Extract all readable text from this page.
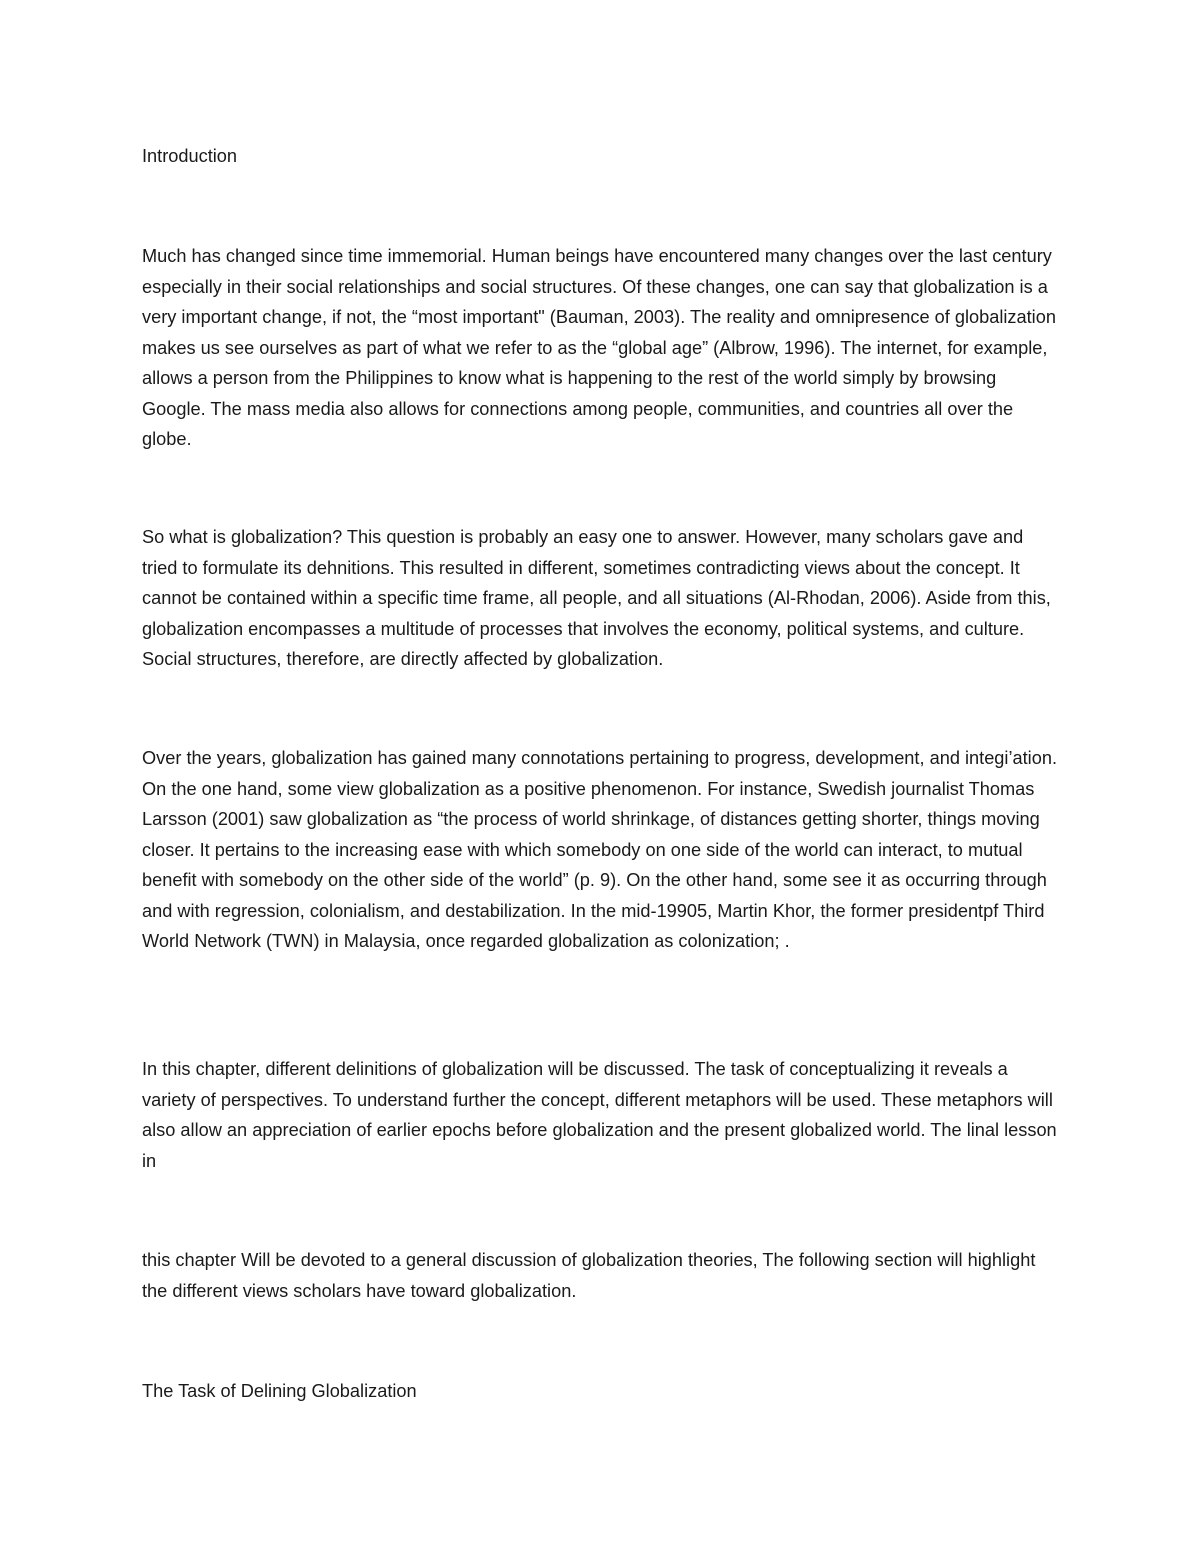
Introduction

Much has changed since time immemorial. Human beings have encountered many changes over the last century especially in their social relationships and social structures. Of these changes, one can say that globalization is a very important change, if not, the “most important" (Bauman, 2003). The reality and omnipresence of globalization makes us see ourselves as part of what we refer to as the “global age” (Albrow, 1996). The internet, for example, allows a person from the Philippines to know what is happening to the rest of the world simply by browsing Google. The mass media also allows for connections among people, communities, and countries all over the globe.

So what is globalization? This question is probably an easy one to answer. However, many scholars gave and tried to formulate its dehnitions. This resulted in different, sometimes contradicting views about the concept. It cannot be contained within a specific time frame, all people, and all situations (Al-Rhodan, 2006). Aside from this, globalization encompasses a multitude of processes that involves the economy, political systems, and culture. Social structures, therefore, are directly affected by globalization.

Over the years, globalization has gained many connotations pertaining to progress, development, and integi’ation. On the one hand, some view globalization as a positive phenomenon. For instance, Swedish journalist Thomas Larsson (2001) saw globalization as “the process of world shrinkage, of distances getting shorter, things moving closer. It pertains to the increasing ease with which somebody on one side of the world can interact, to mutual benefit with somebody on the other side of the world” (p. 9). On the other hand, some see it as occurring through and with regression, colonialism, and destabilization. In the mid-19905, Martin Khor, the former presidentpf Third World Network (TWN) in Malaysia, once regarded globalization as colonization; .

In this chapter, different delinitions of globalization will be discussed. The task of conceptualizing it reveals a variety of perspectives. To understand further the concept, different metaphors will be used. These metaphors will also allow an appreciation of earlier epochs before globalization and the present globalized world. The linal lesson in

this chapter Will be devoted to a general discussion of globalization theories, The following section will highlight the different views scholars have toward globalization.

The Task of Delining Globalization
